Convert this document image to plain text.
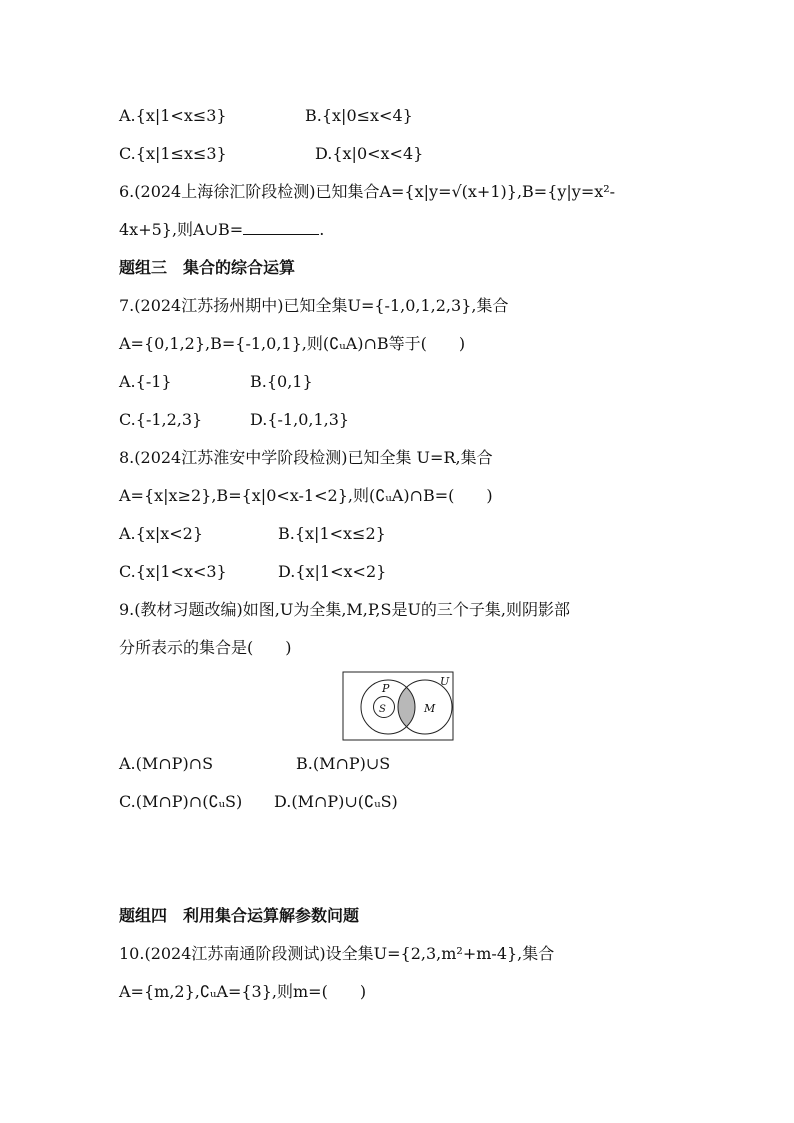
A.{x|1<x≤3}	B.{x|0≤x<4}
C.{x|1≤x≤3}	D.{x|0<x<4}
6.(2024上海徐汇阶段检测)已知集合A={x|y=√(x+1)},B={y|y=x²-
4x+5},则A∪B=	.
题组三　集合的综合运算
7.(2024江苏扬州期中)已知全集U={-1,0,1,2,3},集合
A={0,1,2},B={-1,0,1},则(∁ᵤA)∩B等于(　　)
A.{-1}	B.{0,1}
C.{-1,2,3}	D.{-1,0,1,3}
8.(2024江苏淮安中学阶段检测)已知全集 U=R,集合
A={x|x≥2},B={x|0<x-1<2},则(∁ᵤA)∩B=(　　)
A.{x|x<2}	B.{x|1<x≤2}
C.{x|1<x<3}	D.{x|1<x<2}
9.(教材习题改编)如图,U为全集,M,P,S是U的三个子集,则阴影部
分所表示的集合是(　　)
U
P
S	M
A.(M∩P)∩S	B.(M∩P)∪S
C.(M∩P)∩(∁ᵤS) D.(M∩P)∪(∁ᵤS)
题组四　利用集合运算解参数问题
10.(2024江苏南通阶段测试)设全集U={2,3,m²+m-4},集合
A={m,2},∁ᵤA={3},则m=(　　)
